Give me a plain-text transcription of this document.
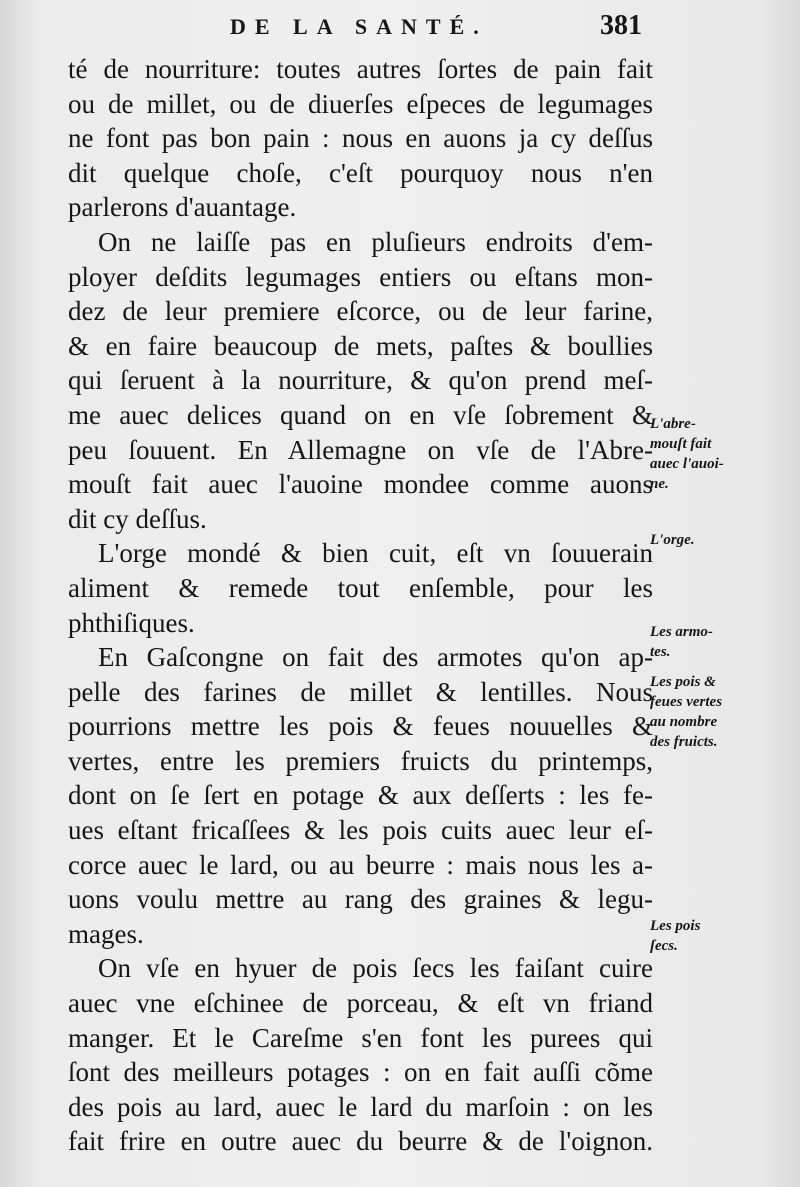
DE LA SANTÉ.	381
té de nourriture: toutes autres ſortes de pain fait
ou de millet, ou de diuerſes eſpeces de legumages
ne font pas bon pain : nous en auons ja cy deſſus
dit quelque choſe, c'eſt pourquoy nous n'en
parlerons d'auantage.
On ne laiſſe pas en pluſieurs endroits d'em-
ployer deſdits legumages entiers ou eſtans mon-
dez de leur premiere eſcorce, ou de leur farine,
& en faire beaucoup de mets, paſtes & boullies
qui ſeruent à la nourriture, & qu'on prend meſ-
me auec delices quand on en vſe ſobrement &
peu ſouuent. En Allemagne on vſe de l'Abre-
mouſt fait auec l'auoine mondee comme auons
dit cy deſſus.
L'orge mondé & bien cuit, eſt vn ſouuerain
aliment & remede tout enſemble, pour les
phthiſiques.
En Gaſcongne on fait des armotes qu'on ap-
pelle des farines de millet & lentilles. Nous
pourrions mettre les pois & feues nouuelles &
vertes, entre les premiers fruicts du printemps,
dont on ſe ſert en potage & aux deſſerts : les fe-
ues eſtant fricaſſees & les pois cuits auec leur eſ-
corce auec le lard, ou au beurre : mais nous les a-
uons voulu mettre au rang des graines & legu-
mages.
On vſe en hyuer de pois ſecs les faiſant cuire
auec vne eſchinee de porceau, & eſt vn friand
manger. Et le Careſme s'en font les purees qui
ſont des meilleurs potages : on en fait auſſi cõme
des pois au lard, auec le lard du marſoin : on les
fait frire en outre auec du beurre & de l'oignon.
L'abre-
mouſt fait
auec l'auoi-
ne.
L'orge.
Les armo-
tes.
Les pois &
feues vertes
au nombre
des fruicts.
Les pois
ſecs.
